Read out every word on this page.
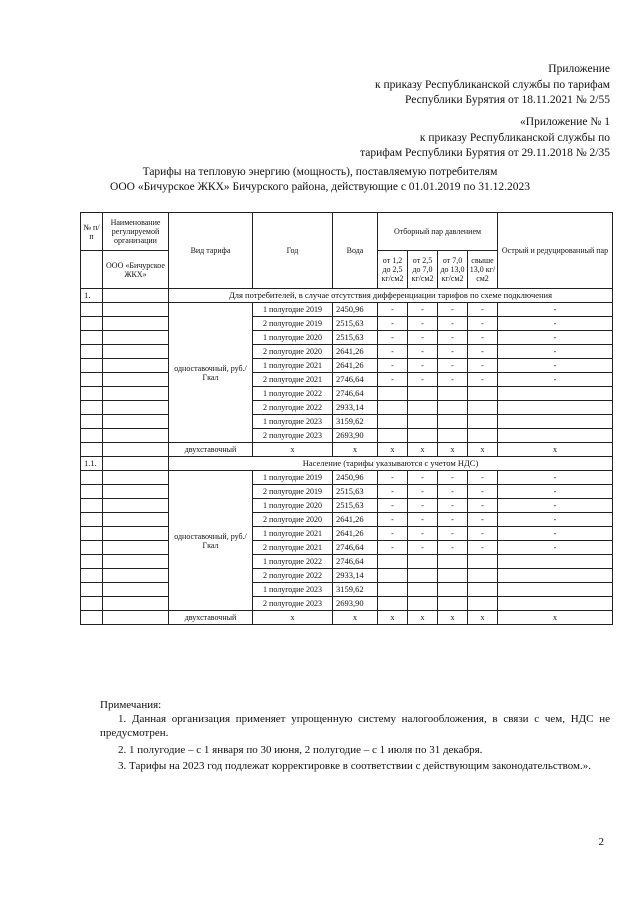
Приложение
к приказу Республиканской службы по тарифам
Республики Бурятия от 18.11.2021 № 2/55
«Приложение № 1
к приказу Республиканской службы по
тарифам Республики Бурятия от 29.11.2018 № 2/35
Тарифы на тепловую энергию (мощность), поставляемую потребителям
ООО «Бичурское ЖКХ» Бичурского района, действующие с 01.01.2019 по 31.12.2023
№ п/п	Наименование регулируемой организации	Вид тарифа	Год	Вода	Отборный пар давлением				Острый и редуцированный пар
	ООО «Бичурское ЖКХ»				от 1,2 до 2,5 кг/см2	от 2,5 до 7,0 кг/см2	от 7,0 до 13,0 кг/см2	свыше 13,0 кг/см2	
1.		Для потребителей, в случае отсутствия дифференциации тарифов по схеме подключения							
		одноставочный, руб./Гкал	1 полугодие 2019	2450,96	-	-	-	-	-
			2 полугодие 2019	2515,63	-	-	-	-	-
			1 полугодие 2020	2515,63	-	-	-	-	-
			2 полугодие 2020	2641,26	-	-	-	-	-
			1 полугодие 2021	2641,26	-	-	-	-	-
			2 полугодие 2021	2746,64	-	-	-	-	-
			1 полугодие 2022	2746,64					
			2 полугодие 2022	2933,14					
			1 полугодие 2023	3159,62					
			2 полугодие 2023	2693,90					
		двухставочный	x	x	x	x	x	x	x
1.1.		Население (тарифы указываются с учетом НДС)							
		одноставочный, руб./Гкал	1 полугодие 2019	2450,96	-	-	-	-	-
			2 полугодие 2019	2515,63	-	-	-	-	-
			1 полугодие 2020	2515,63	-	-	-	-	-
			2 полугодие 2020	2641,26	-	-	-	-	-
			1 полугодие 2021	2641,26	-	-	-	-	-
			2 полугодие 2021	2746,64	-	-	-	-	-
			1 полугодие 2022	2746,64					
			2 полугодие 2022	2933,14					
			1 полугодие 2023	3159,62					
			2 полугодие 2023	2693,90					
		двухставочный	x	x	x	x	x	x	x
Примечания:
1. Данная организация применяет упрощенную систему налогообложения, в связи с чем, НДС не предусмотрен.
2. 1 полугодие – с 1 января по 30 июня, 2 полугодие – с 1 июля по 31 декабря.
3. Тарифы на 2023 год подлежат корректировке в соответствии с действующим законодательством.».
2
